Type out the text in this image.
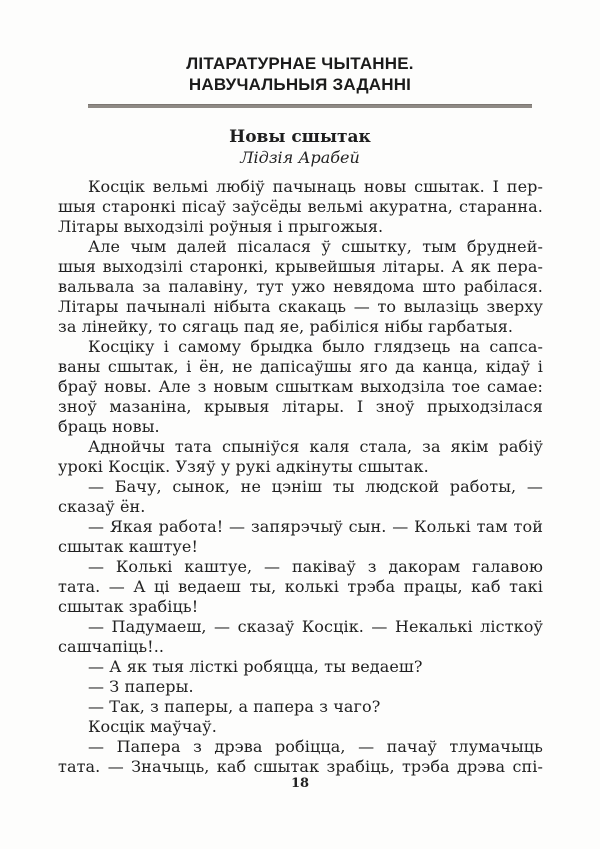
ЛІТАРАТУРНАЕ ЧЫТАННЕ.
НАВУЧАЛЬНЫЯ ЗАДАННІ
Новы сшытак
Лідзія Арабей
Косцік вельмі любіў пачынаць новы сшытак. І пер-
шыя старонкі пісаў заўсёды вельмі акуратна, старанна.
Літары выходзілі роўныя і прыгожыя.
Але чым далей пісалася ў сшытку, тым брудней-
шыя выходзілі старонкі, крывейшыя літары. А як пера-
вальвала за палавіну, тут ужо невядома што рабілася.
Літары пачыналі нібыта скакаць — то вылазіць зверху
за лінейку, то сягаць пад яе, рабіліся нібы гарбатыя.
Косціку і самому брыдка было глядзець на сапса-
ваны сшытак, і ён, не дапісаўшы яго да канца, кідаў і
браў новы. Але з новым сшыткам выходзіла тое самае:
зноў мазаніна, крывыя літары. І зноў прыходзілася
браць новы.
Аднойчы тата спыніўся каля стала, за якім рабіў
урокі Косцік. Узяў у рукі адкінуты сшытак.
— Бачу, сынок, не цэніш ты людской работы, —
сказаў ён.
— Якая работа! — запярэчыў сын. — Колькі там той
сшытак каштуе!
— Колькі каштуе, — паківаў з дакорам галавою
тата. — А ці ведаеш ты, колькі трэба працы, каб такі
сшытак зрабіць!
— Падумаеш, — сказаў Косцік. — Некалькі лісткоў
сашчапіць!..
— А як тыя лісткі робяцца, ты ведаеш?
— З паперы.
— Так, з паперы, а папера з чаго?
Косцік маўчаў.
— Папера з дрэва робіцца, — пачаў тлумачыць
тата. — Значыць, каб сшытак зрабіць, трэба дрэва спі-
18
